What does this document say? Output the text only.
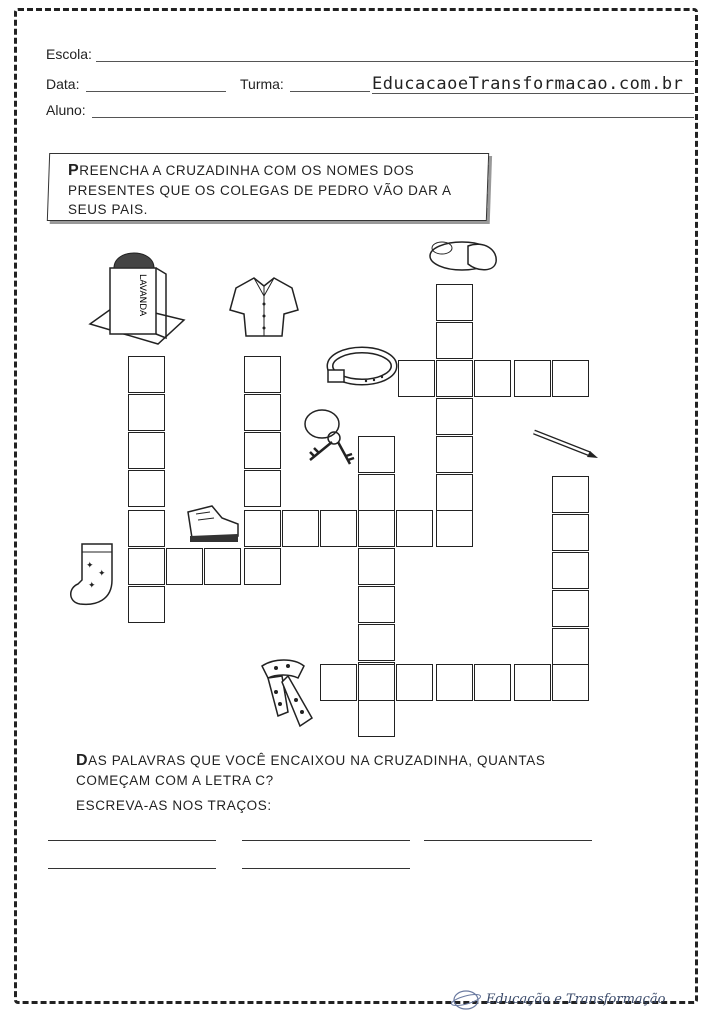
Escola:
Data:	Turma:	EducacaoeTransformacao.com.br
Aluno:
PREENCHA A CRUZADINHA COM OS NOMES DOS PRESENTES QUE OS COLEGAS DE PEDRO VÃO DAR A SEUS PAIS.
LAVANDA
✦
✦
✦
DAS PALAVRAS QUE VOCÊ ENCAIXOU NA CRUZADINHA, QUANTAS
COMEÇAM COM A LETRA C?
ESCREVA-AS NOS TRAÇOS:
Educação e Transformação
